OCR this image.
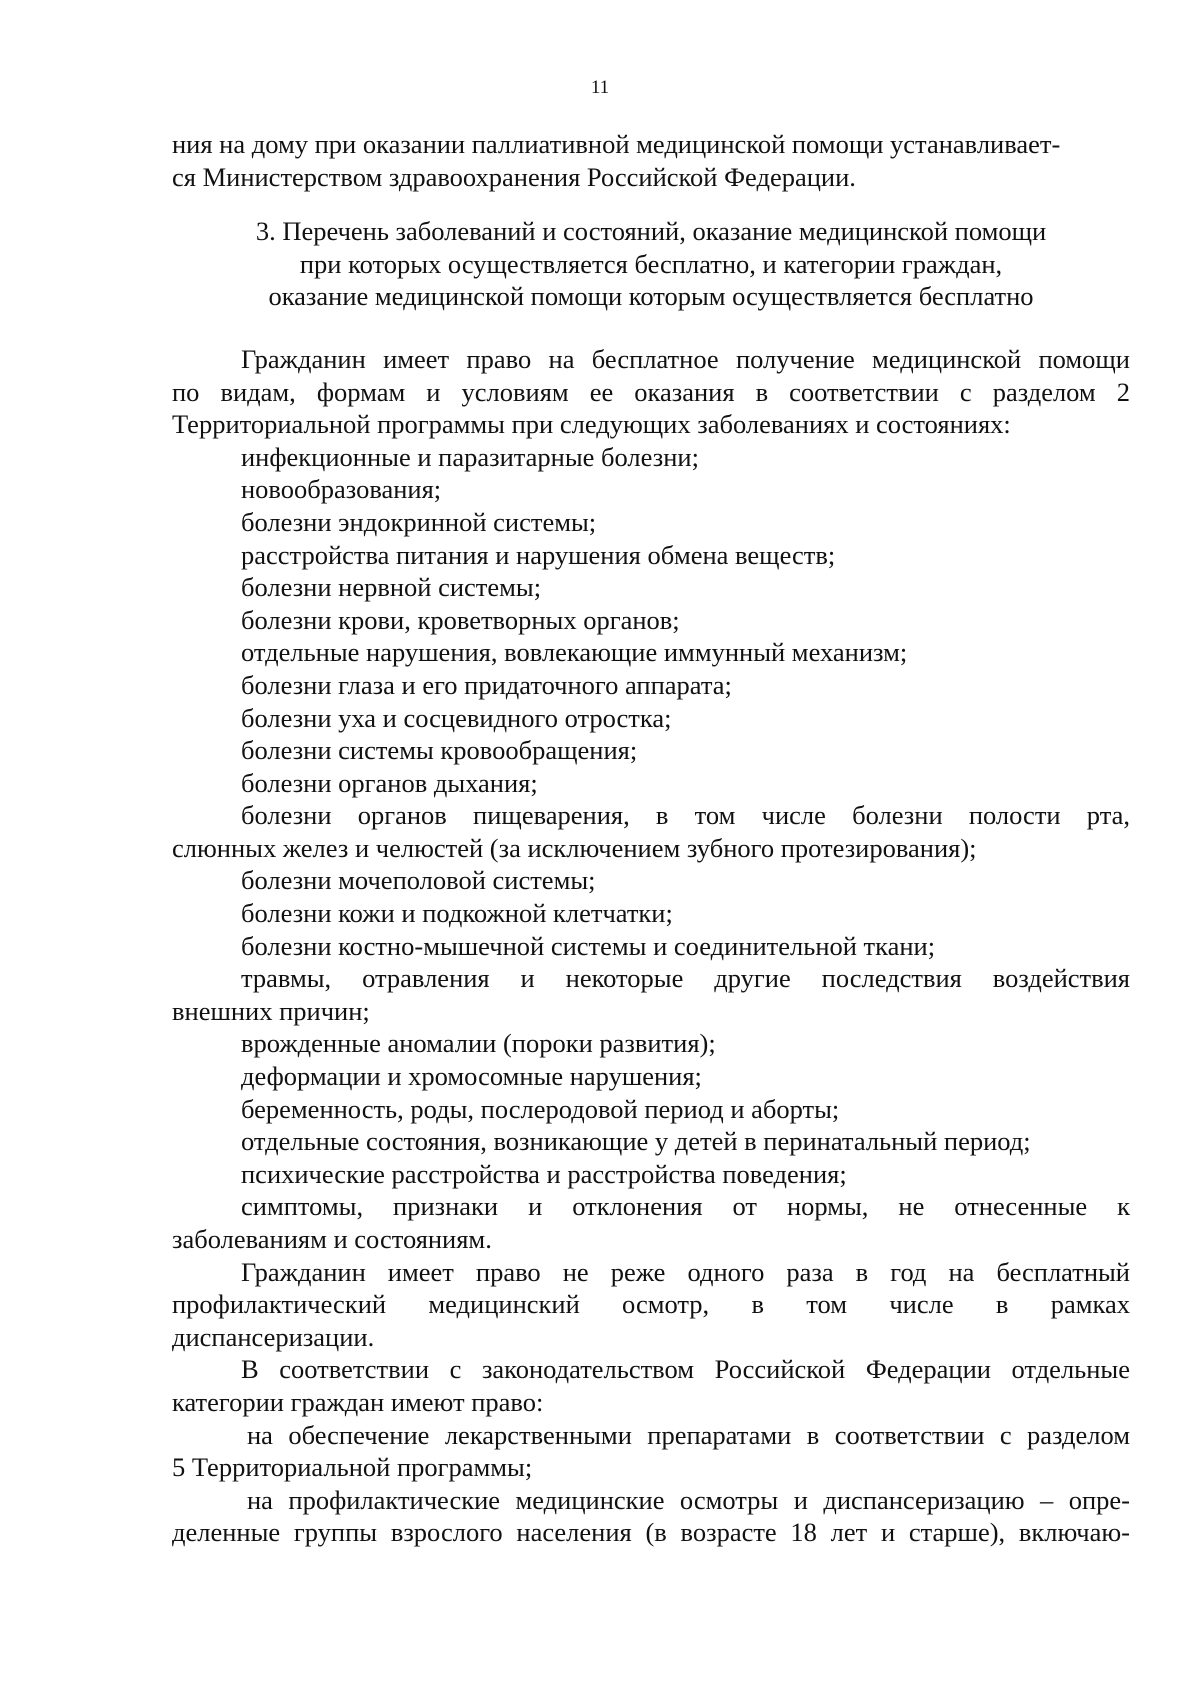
11
ния на дому при оказании паллиативной медицинской помощи устанавливает-
ся Министерством здравоохранения Российской Федерации.
3. Перечень заболеваний и состояний, оказание медицинской помощи
при которых осуществляется бесплатно, и категории граждан,
оказание медицинской помощи которым осуществляется бесплатно
Гражданин имеет право на бесплатное получение медицинской помощи
по видам, формам и условиям ее оказания в соответствии с разделом 2
Территориальной программы при следующих заболеваниях и состояниях:
инфекционные и паразитарные болезни;
новообразования;
болезни эндокринной системы;
расстройства питания и нарушения обмена веществ;
болезни нервной системы;
болезни крови, кроветворных органов;
отдельные нарушения, вовлекающие иммунный механизм;
болезни глаза и его придаточного аппарата;
болезни уха и сосцевидного отростка;
болезни системы кровообращения;
болезни органов дыхания;
болезни органов пищеварения, в том числе болезни полости рта,
слюнных желез и челюстей (за исключением зубного протезирования);
болезни мочеполовой системы;
болезни кожи и подкожной клетчатки;
болезни костно-мышечной системы и соединительной ткани;
травмы, отравления и некоторые другие последствия воздействия
внешних причин;
врожденные аномалии (пороки развития);
деформации и хромосомные нарушения;
беременность, роды, послеродовой период и аборты;
отдельные состояния, возникающие у детей в перинатальный период;
психические расстройства и расстройства поведения;
симптомы, признаки и отклонения от нормы, не отнесенные к
заболеваниям и состояниям.
Гражданин имеет право не реже одного раза в год на бесплатный
профилактический медицинский осмотр, в том числе в рамках
диспансеризации.
В соответствии с законодательством Российской Федерации отдельные
категории граждан имеют право:
на обеспечение лекарственными препаратами в соответствии с разделом
5 Территориальной программы;
на профилактические медицинские осмотры и диспансеризацию – опре-
деленные группы взрослого населения (в возрасте 18 лет и старше), включаю-
